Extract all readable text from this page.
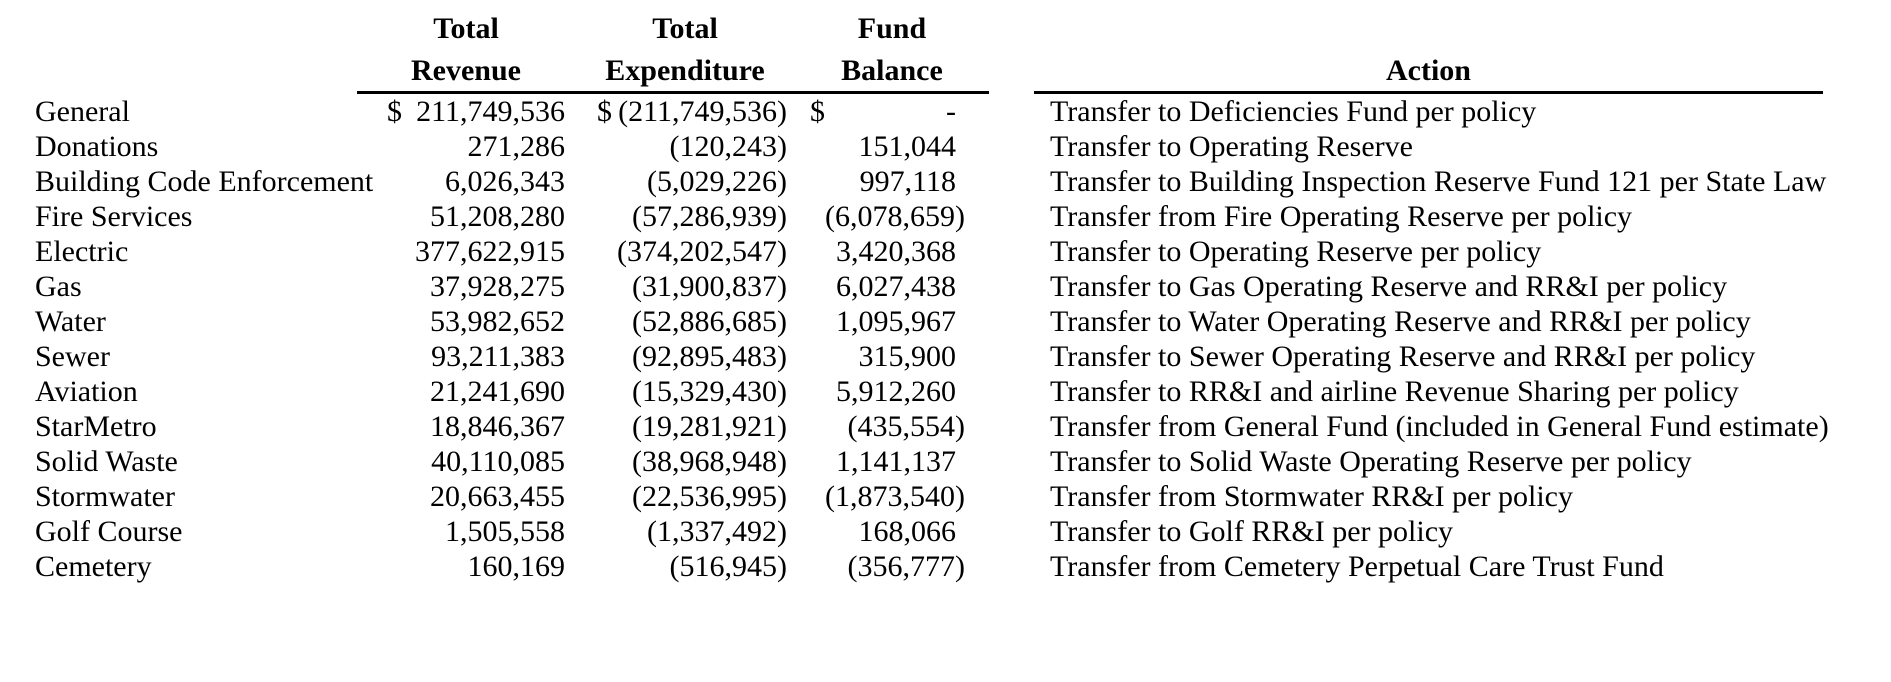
	Total	Total	Fund			
	Revenue	Expenditure	Balance		Action	
General	$ 211,749,536	$ (211,749,536)	$ -		Transfer to Deficiencies Fund per policy	
Donations	271,286	(120,243)	151,044		Transfer to Operating Reserve	
Building Code Enforcement	6,026,343	(5,029,226)	997,118		Transfer to Building Inspection Reserve Fund 121 per State Law	
Fire Services	51,208,280	(57,286,939)	(6,078,659)		Transfer from Fire Operating Reserve per policy	
Electric	377,622,915	(374,202,547)	3,420,368		Transfer to Operating Reserve per policy	
Gas	37,928,275	(31,900,837)	6,027,438		Transfer to Gas Operating Reserve and RR&I per policy	
Water	53,982,652	(52,886,685)	1,095,967		Transfer to Water Operating Reserve and RR&I per policy	
Sewer	93,211,383	(92,895,483)	315,900		Transfer to Sewer Operating Reserve and RR&I per policy	
Aviation	21,241,690	(15,329,430)	5,912,260		Transfer to RR&I and airline Revenue Sharing per policy	
StarMetro	18,846,367	(19,281,921)	(435,554)		Transfer from General Fund (included in General Fund estimate)	
Solid Waste	40,110,085	(38,968,948)	1,141,137		Transfer to Solid Waste Operating Reserve per policy	
Stormwater	20,663,455	(22,536,995)	(1,873,540)		Transfer from Stormwater RR&I per policy	
Golf Course	1,505,558	(1,337,492)	168,066		Transfer to Golf RR&I per policy	
Cemetery	160,169	(516,945)	(356,777)		Transfer from Cemetery Perpetual Care Trust Fund	
